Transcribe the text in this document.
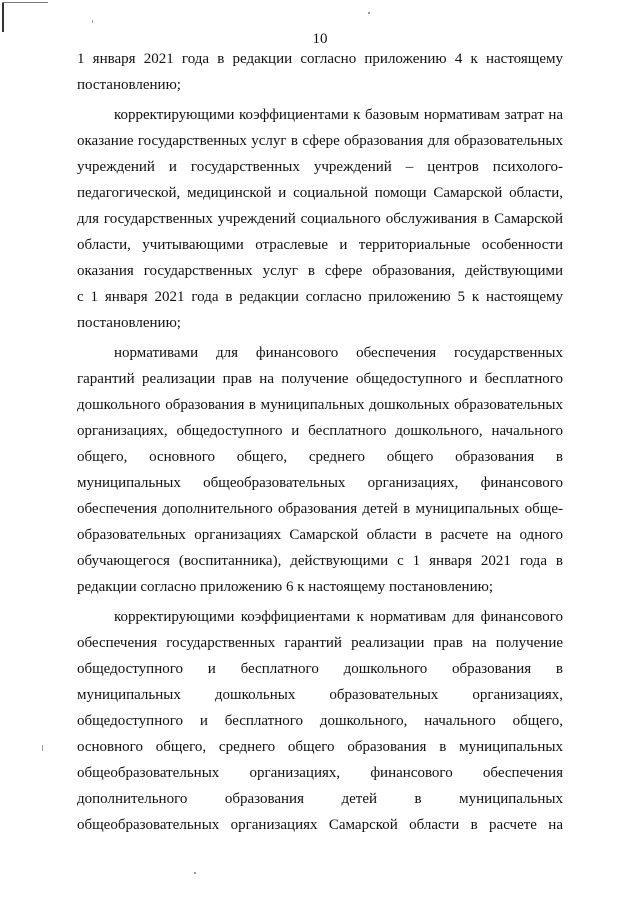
10
1 января 2021 года в редакции согласно приложению 4 к настоящему
постановлению;
корректирующими коэффициентами к базовым нормативам затрат на
оказание государственных услуг в сфере образования для образовательных
учреждений и государственных учреждений – центров психолого-
педагогической, медицинской и социальной помощи Самарской области,
для государственных учреждений социального обслуживания в Самарской
области, учитывающими отраслевые и территориальные особенности
оказания государственных услуг в сфере образования, действующими
с 1 января 2021 года в редакции согласно приложению 5 к настоящему
постановлению;
нормативами для финансового обеспечения государственных
гарантий реализации прав на получение общедоступного и бесплатного
дошкольного образования в муниципальных дошкольных образовательных
организациях, общедоступного и бесплатного дошкольного, начального
общего, основного общего, среднего общего образования в
муниципальных общеобразовательных организациях, финансового
обеспечения дополнительного образования детей в муниципальных обще-
образовательных организациях Самарской области в расчете на одного
обучающегося (воспитанника), действующими с 1 января 2021 года в
редакции согласно приложению 6 к настоящему постановлению;
корректирующими коэффициентами к нормативам для финансового
обеспечения государственных гарантий реализации прав на получение
общедоступного и бесплатного дошкольного образования в
муниципальных дошкольных образовательных организациях,
общедоступного и бесплатного дошкольного, начального общего,
основного общего, среднего общего образования в муниципальных
общеобразовательных организациях, финансового обеспечения
дополнительного образования детей в муниципальных
общеобразовательных организациях Самарской области в расчете на
